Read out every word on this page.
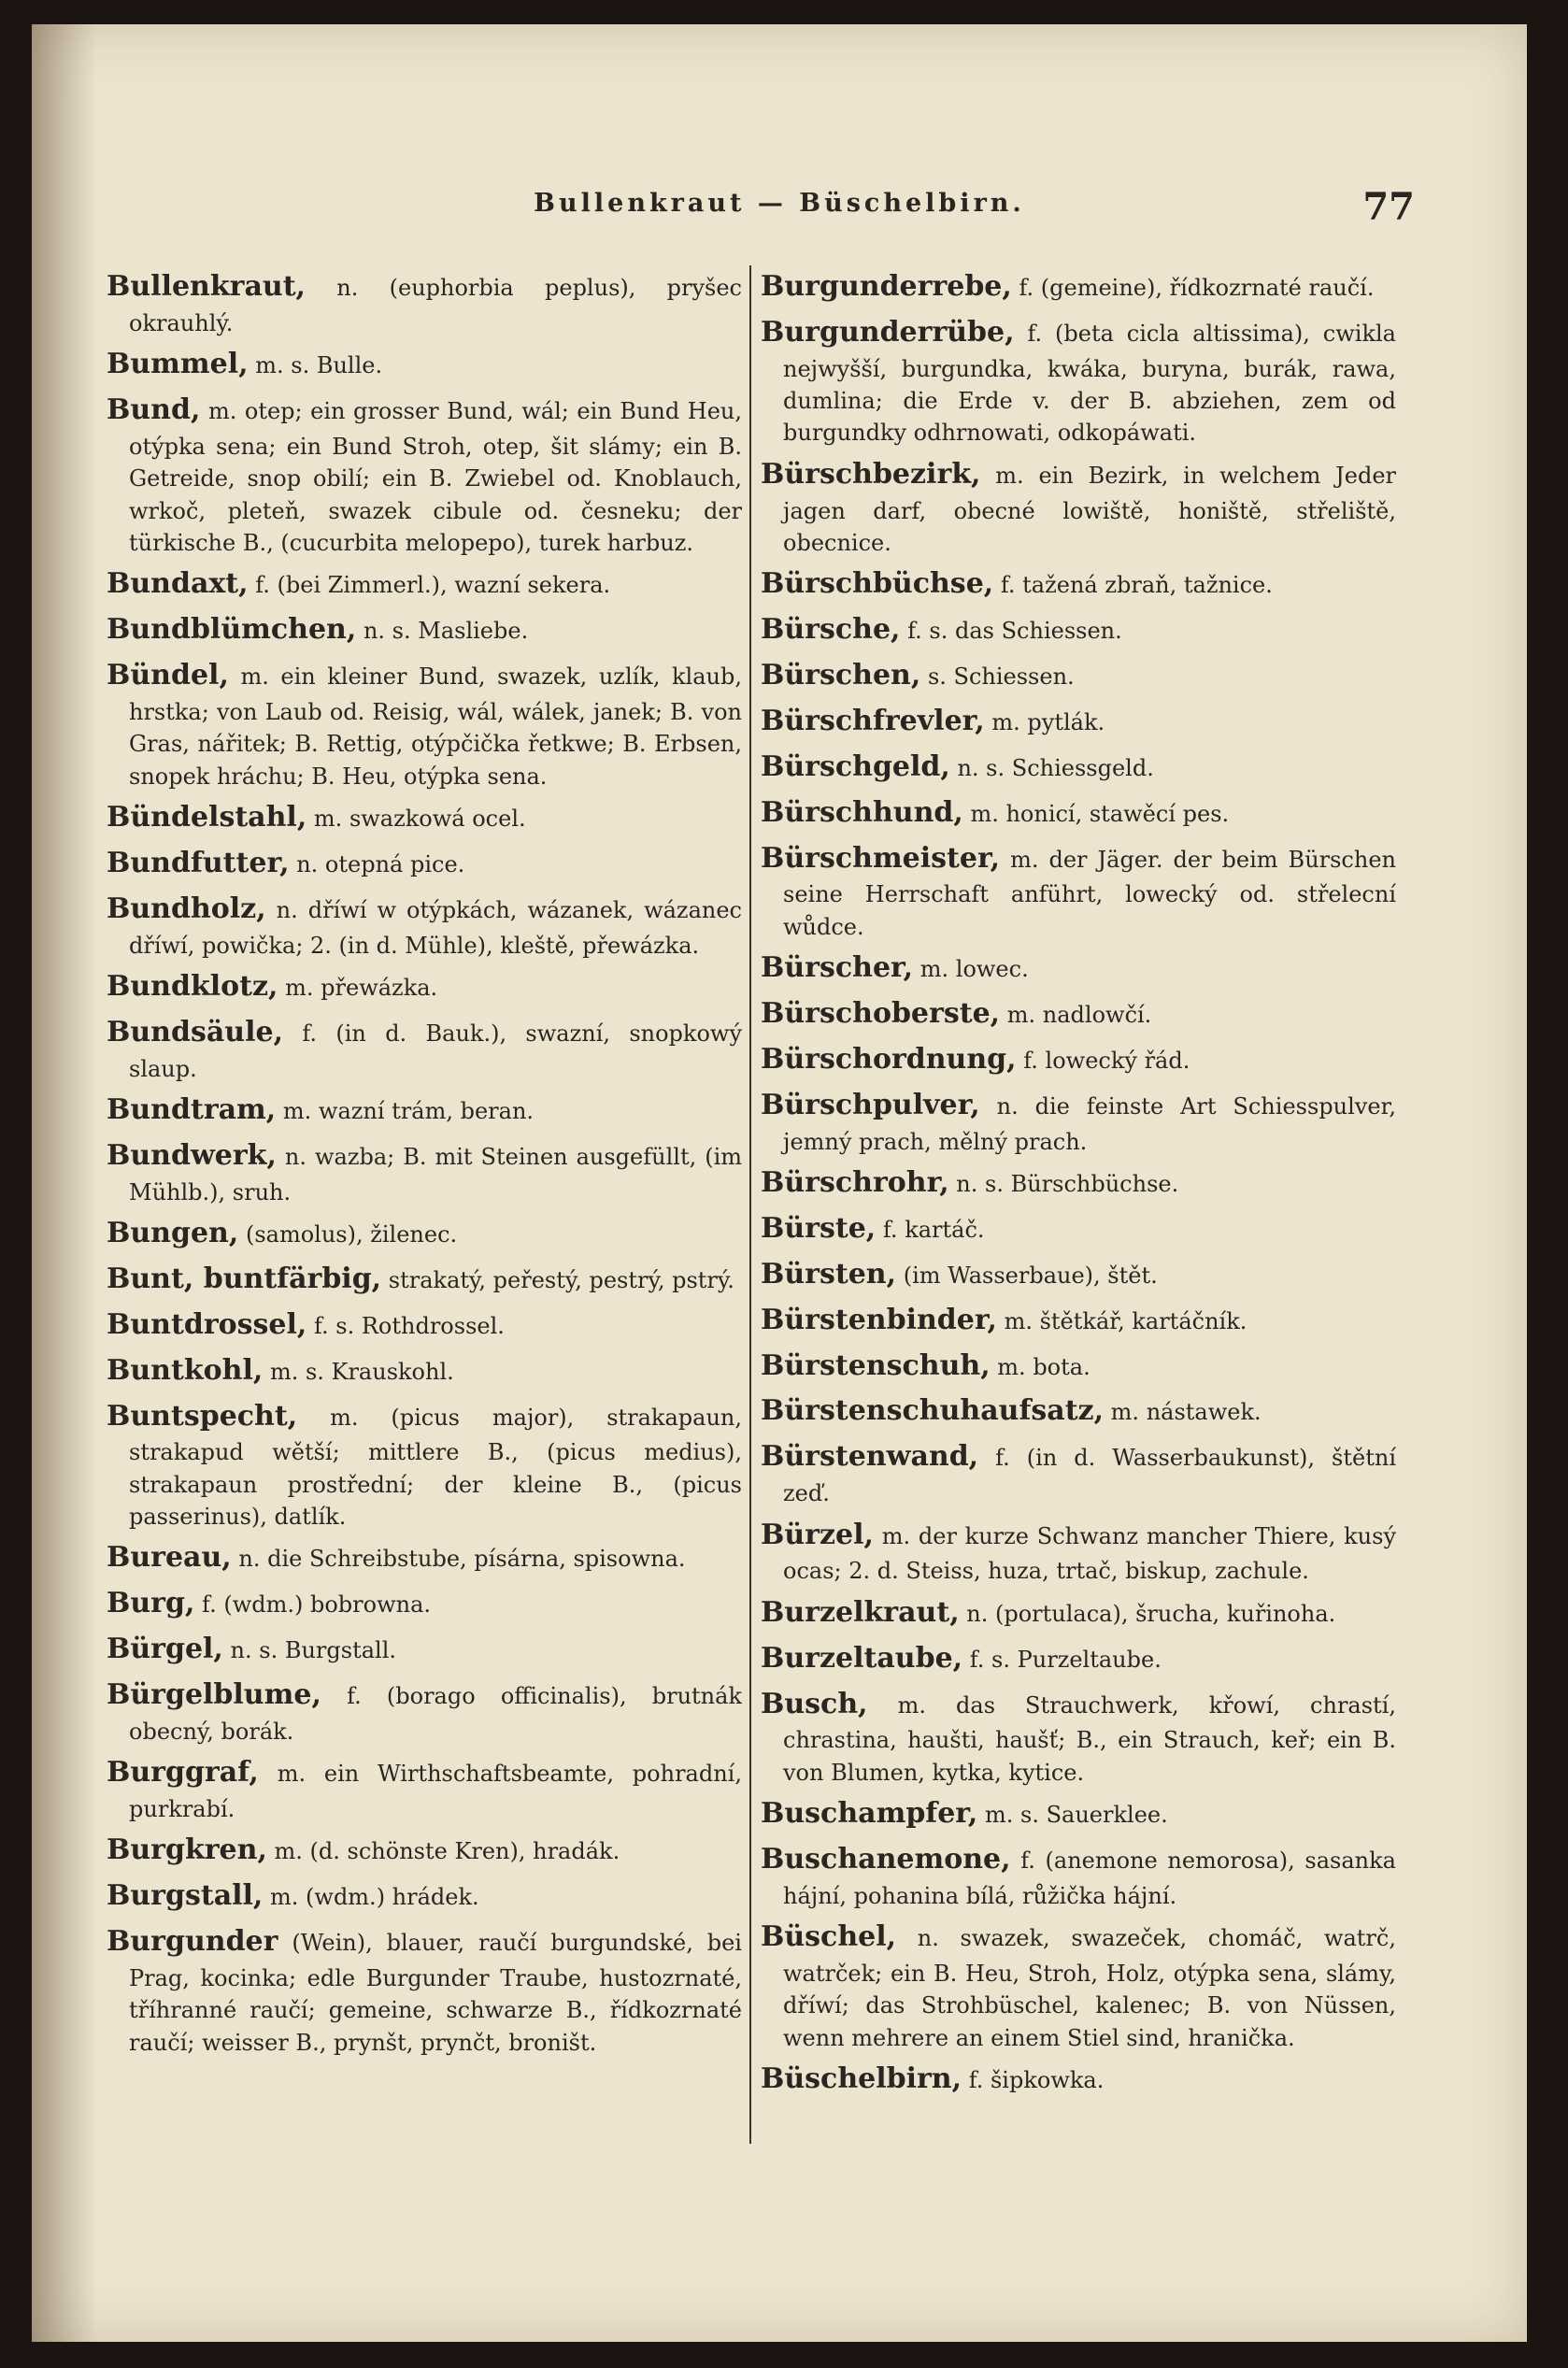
Bullenkraut — Büschelbirn.	77

Bullenkraut, n. (euphorbia peplus), pryšec okrauhlý.

Bummel, m. s. Bulle.

Bund, m. otep; ein grosser Bund, wál; ein Bund Heu, otýpka sena; ein Bund Stroh, otep, šit slámy; ein B. Getreide, snop obilí; ein B. Zwiebel od. Knoblauch, wrkoč, pleteň, swazek cibule od. česneku; der türkische B., (cucurbita melopepo), turek harbuz.

Bundaxt, f. (bei Zimmerl.), wazní sekera.

Bundblümchen, n. s. Masliebe.

Bündel, m. ein kleiner Bund, swazek, uzlík, klaub, hrstka; von Laub od. Reisig, wál, wálek, janek; B. von Gras, nářitek; B. Rettig, otýpčička řetkwe; B. Erbsen, snopek hráchu; B. Heu, otýpka sena.

Bündelstahl, m. swazkowá ocel.

Bundfutter, n. otepná pice.

Bundholz, n. dříwí w otýpkách, wázanek, wázanec dříwí, powička; 2. (in d. Mühle), kleště, přewázka.

Bundklotz, m. přewázka.

Bundsäule, f. (in d. Bauk.), swazní, snopkowý slaup.

Bundtram, m. wazní trám, beran.

Bundwerk, n. wazba; B. mit Steinen ausgefüllt, (im Mühlb.), sruh.

Bungen, (samolus), žilenec.

Bunt, buntfärbig, strakatý, peřestý, pestrý, pstrý.

Buntdrossel, f. s. Rothdrossel.

Buntkohl, m. s. Krauskohl.

Buntspecht, m. (picus major), strakapaun, strakapud wětší; mittlere B., (picus medius), strakapaun prostřední; der kleine B., (picus passerinus), datlík.

Bureau, n. die Schreibstube, písárna, spisowna.

Burg, f. (wdm.) bobrowna.

Bürgel, n. s. Burgstall.

Bürgelblume, f. (borago officinalis), brutnák obecný, borák.

Burggraf, m. ein Wirthschaftsbeamte, pohradní, purkrabí.

Burgkren, m. (d. schönste Kren), hradák.

Burgstall, m. (wdm.) hrádek.

Burgunder (Wein), blauer, raučí burgundské, bei Prag, kocinka; edle Burgunder Traube, hustozrnaté, tříhranné raučí; gemeine, schwarze B., řídkozrnaté raučí; weisser B., prynšt, prynčt, broništ.

Burgunderrebe, f. (gemeine), řídkozrnaté raučí.

Burgunderrübe, f. (beta cicla altissima), cwikla nejwyšší, burgundka, kwáka, buryna, burák, rawa, dumlina; die Erde v. der B. abziehen, zem od burgundky odhrnowati, odkopáwati.

Bürschbezirk, m. ein Bezirk, in welchem Jeder jagen darf, obecné lowiště, honiště, střeliště, obecnice.

Bürschbüchse, f. tažená zbraň, tažnice.

Bürsche, f. s. das Schiessen.

Bürschen, s. Schiessen.

Bürschfrevler, m. pytlák.

Bürschgeld, n. s. Schiessgeld.

Bürschhund, m. honicí, stawěcí pes.

Bürschmeister, m. der Jäger. der beim Bürschen seine Herrschaft anführt, lowecký od. střelecní wůdce.

Bürscher, m. lowec.

Bürschoberste, m. nadlowčí.

Bürschordnung, f. lowecký řád.

Bürschpulver, n. die feinste Art Schiesspulver, jemný prach, mělný prach.

Bürschrohr, n. s. Bürschbüchse.

Bürste, f. kartáč.

Bürsten, (im Wasserbaue), štět.

Bürstenbinder, m. štětkář, kartáčník.

Bürstenschuh, m. bota.

Bürstenschuhaufsatz, m. nástawek.

Bürstenwand, f. (in d. Wasserbaukunst), štětní zeď.

Bürzel, m. der kurze Schwanz mancher Thiere, kusý ocas; 2. d. Steiss, huza, trtač, biskup, zachule.

Burzelkraut, n. (portulaca), šrucha, kuřinoha.

Burzeltaube, f. s. Purzeltaube.

Busch, m. das Strauchwerk, křowí, chrastí, chrastina, haušti, haušť; B., ein Strauch, keř; ein B. von Blumen, kytka, kytice.

Buschampfer, m. s. Sauerklee.

Buschanemone, f. (anemone nemorosa), sasanka hájní, pohanina bílá, růžička hájní.

Büschel, n. swazek, swazeček, chomáč, watrč, watrček; ein B. Heu, Stroh, Holz, otýpka sena, slámy, dříwí; das Strohbüschel, kalenec; B. von Nüssen, wenn mehrere an einem Stiel sind, hranička.

Büschelbirn, f. šipkowka.
